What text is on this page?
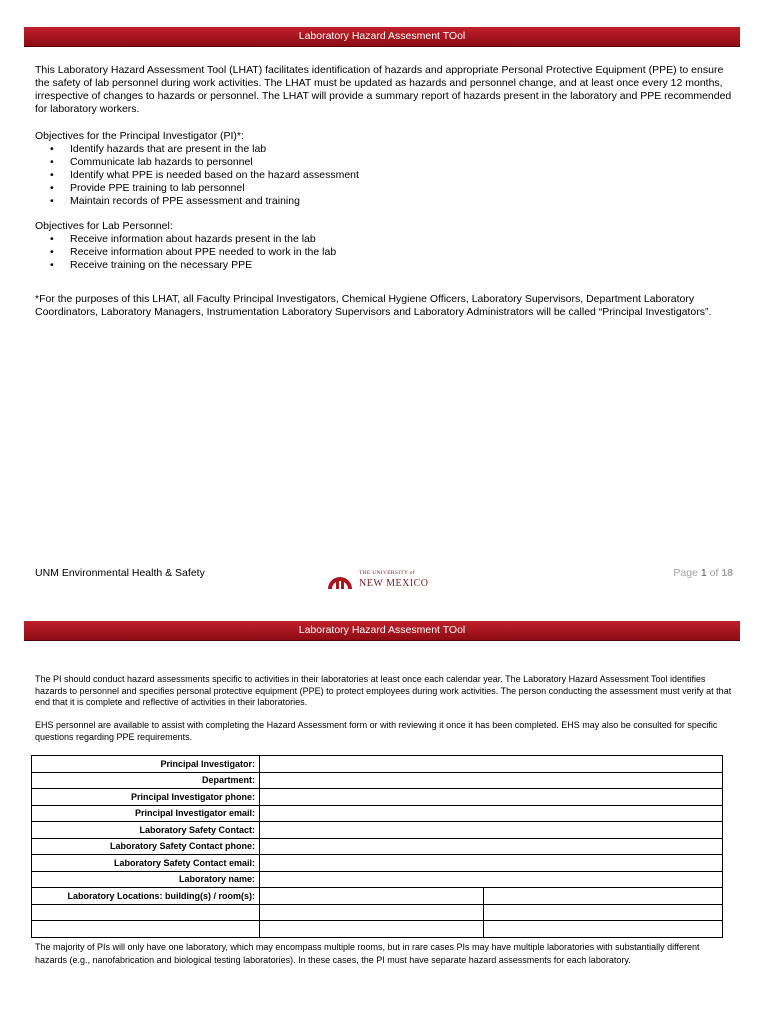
Laboratory Hazard Assesment TOol

This Laboratory Hazard Assessment Tool (LHAT) facilitates identification of hazards and appropriate Personal Protective Equipment (PPE) to ensure the safety of lab personnel during work activities. The LHAT must be updated as hazards and personnel change, and at least once every 12 months, irrespective of changes to hazards or personnel. The LHAT will provide a summary report of hazards present in the laboratory and PPE recommended for laboratory workers.

Objectives for the Principal Investigator (PI)*:

• Identify hazards that are present in the lab
• Communicate lab hazards to personnel
• Identify what PPE is needed based on the hazard assessment
• Provide PPE training to lab personnel
• Maintain records of PPE assessment and training

Objectives for Lab Personnel:

• Receive information about hazards present in the lab
• Receive information about PPE needed to work in the lab
• Receive training on the necessary PPE

*For the purposes of this LHAT, all Faculty Principal Investigators, Chemical Hygiene Officers, Laboratory Supervisors, Department Laboratory Coordinators, Laboratory Managers, Instrumentation Laboratory Supervisors and Laboratory Administrators will be called “Principal Investigators”.

UNM Environmental Health & Safety	THE UNIVERSITY of
NEW MEXICO
Page 1 of 18
Laboratory Hazard Assesment TOol

The PI should conduct hazard assessments specific to activities in their laboratories at least once each calendar year. The Laboratory Hazard Assessment Tool identifies hazards to personnel and specifies personal protective equipment (PPE) to protect employees during work activities. The person conducting the assessment must verify at that end that it is complete and reflective of activities in their laboratories.

EHS personnel are available to assist with completing the Hazard Assessment form or with reviewing it once it has been completed. EHS may also be consulted for specific questions regarding PPE requirements.

Principal Investigator:		
Department:		
Principal Investigator phone:		
Principal Investigator email:		
Laboratory Safety Contact:		
Laboratory Safety Contact phone:		
Laboratory Safety Contact email:		
Laboratory name:		
Laboratory Locations: building(s) / room(s):		

The majority of PIs will only have one laboratory, which may encompass multiple rooms, but in rare cases PIs may have multiple laboratories with substantially different hazards (e.g., nanofabrication and biological testing laboratories). In these cases, the PI must have separate hazard assessments for each laboratory.
